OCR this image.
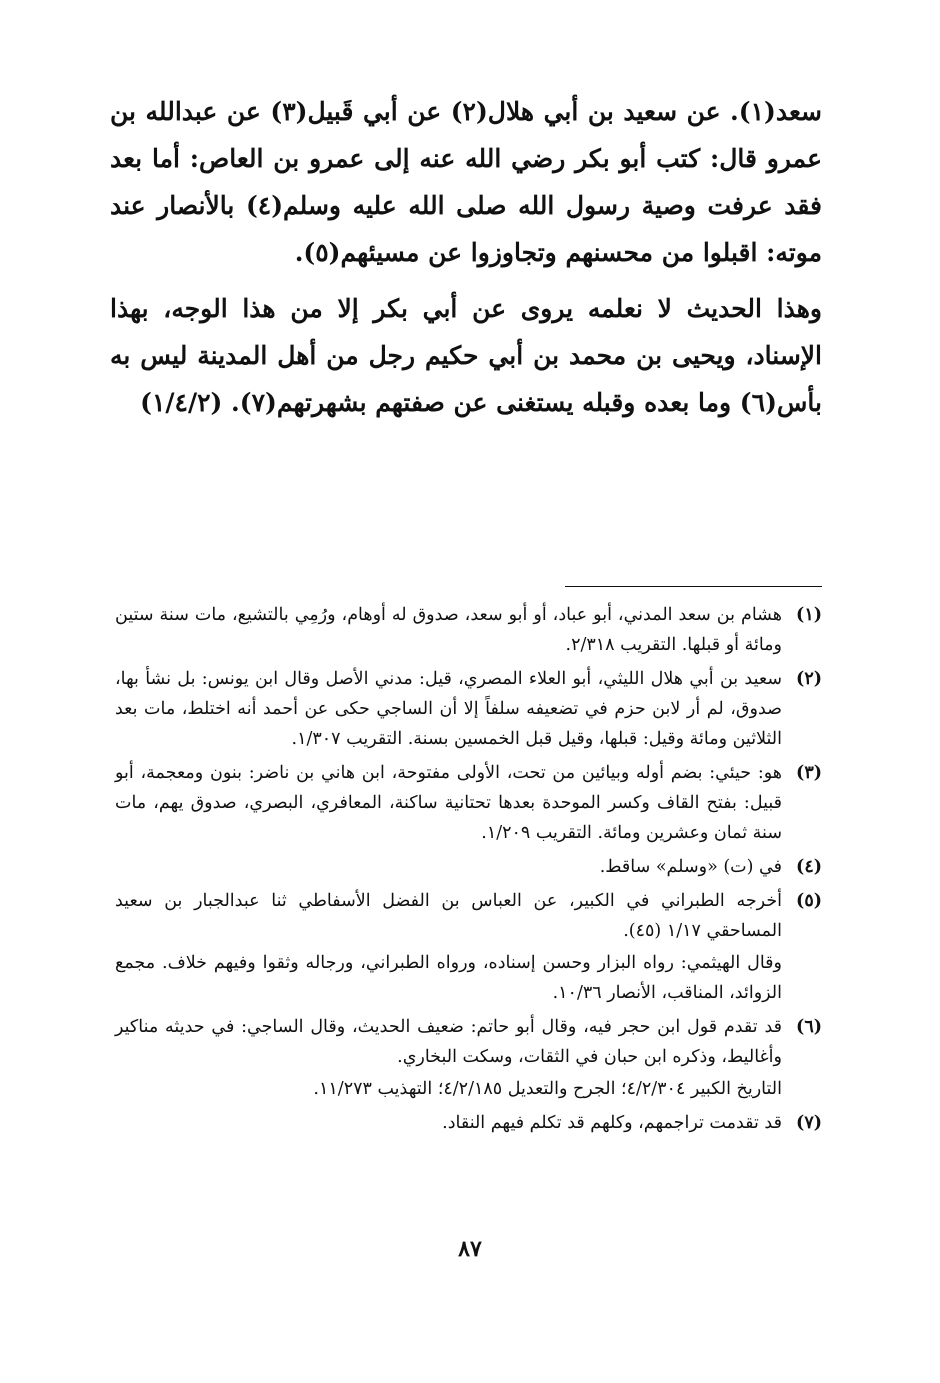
سعد(١). عن سعيد بن أبي هلال(٢) عن أبي قَبيل(٣) عن عبدالله بن عمرو قال: كتب أبو بكر رضي الله عنه إلى عمرو بن العاص: أما بعد فقد عرفت وصية رسول الله صلى الله عليه وسلم(٤) بالأنصار عند موته: اقبلوا من محسنهم وتجاوزوا عن مسيئهم(٥).

وهذا الحديث لا نعلمه يروى عن أبي بكر إلا من هذا الوجه، بهذا الإسناد، ويحيى بن محمد بن أبي حكيم رجل من أهل المدينة ليس به بأس(٦) وما بعده وقبله يستغنى عن صفتهم بشهرتهم(٧). (١/٤/٢)

(١)
هشام بن سعد المدني، أبو عباد، أو أبو سعد، صدوق له أوهام، ورُمِي بالتشيع، مات سنة ستين ومائة أو قبلها. التقريب ٢/٣١٨.
(٢)
سعيد بن أبي هلال الليثي، أبو العلاء المصري، قيل: مدني الأصل وقال ابن يونس: بل نشأ بها، صدوق، لم أر لابن حزم في تضعيفه سلفاً إلا أن الساجي حكى عن أحمد أنه اختلط، مات بعد الثلاثين ومائة وقيل: قبلها، وقيل قبل الخمسين بسنة. التقريب ١/٣٠٧.
(٣)
هو: حيئي: بضم أوله وبيائين من تحت، الأولى مفتوحة، ابن هاني بن ناضر: بنون ومعجمة، أبو قبيل: بفتح القاف وكسر الموحدة بعدها تحتانية ساكنة، المعافري، البصري، صدوق يهم، مات سنة ثمان وعشرين ومائة. التقريب ١/٢٠٩.
(٤)
في (ت) «وسلم» ساقط.
(٥)
أخرجه الطبراني في الكبير، عن العباس بن الفضل الأسفاطي ثنا عبدالجبار بن سعيد المساحقي ١/١٧ (٤٥).
وقال الهيثمي: رواه البزار وحسن إسناده، ورواه الطبراني، ورجاله وثقوا وفيهم خلاف. مجمع الزوائد، المناقب، الأنصار ١٠/٣٦.
(٦)
قد تقدم قول ابن حجر فيه، وقال أبو حاتم: ضعيف الحديث، وقال الساجي: في حديثه مناكير وأغاليط، وذكره ابن حبان في الثقات، وسكت البخاري.
التاريخ الكبير ٤/٢/٣٠٤؛ الجرح والتعديل ٤/٢/١٨٥؛ التهذيب ١١/٢٧٣.
(٧)
قد تقدمت تراجمهم، وكلهم قد تكلم فيهم النقاد.
٨٧
